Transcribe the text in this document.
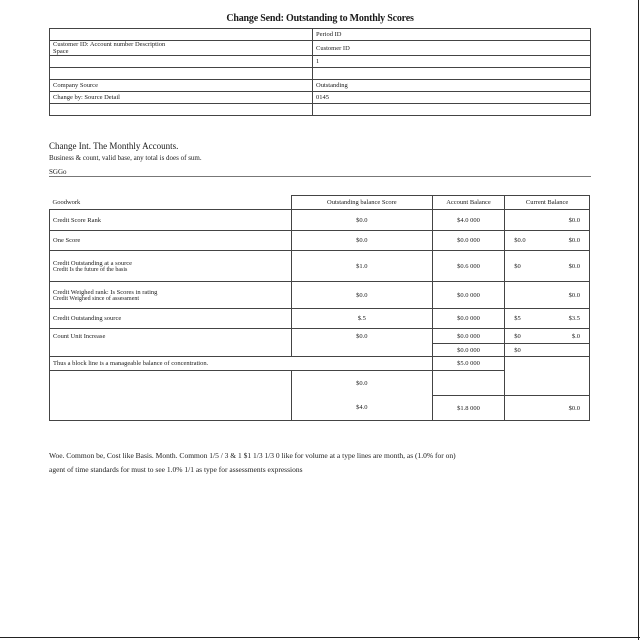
Change Send: Outstanding to Monthly Scores
	Period ID
Customer ID: Account number Description
Space	Customer ID
	1

Company Source	Outstanding
Change by: Source Detail	0145

Change Int. The Monthly Accounts.
Business & count, valid base, any total is does of sum.
SGGo
Goodwork	Outstanding balance Score	Account Balance	Current Balance
Credit Score Rank	$0.0	$4.0 000	$0.0

One Score	$0.0	$0.0 000	$0.0 $0.0

Credit Outstanding at a source
Credit Is the future of the basis	$1.0	$0.6 000	$0 $0.0

Credit Weighed rank: Is Scores in rating
Credit Weighed since of assessment	$0.0	$0.0 000	$0.0

Credit Outstanding source	$.5	$0.0 000	$5 $3.5

Count Unit Increase	$0.0	$0.0 000	$0 $.0

		$0.0 000	$0

Thus a block line is a manageable balance of concentration.		$5.0 000	

	$0.0		

	$4.0	$1.8 000	$0.0
Woe. Common be, Cost like Basis. Month. Common 1/5 / 3 & 1 $1 1/3 1/3 0 like for volume at a type lines are month, as (1.0% for on)
agent of time standards for must to see 1.0% 1/1 as type for assessments expressions
